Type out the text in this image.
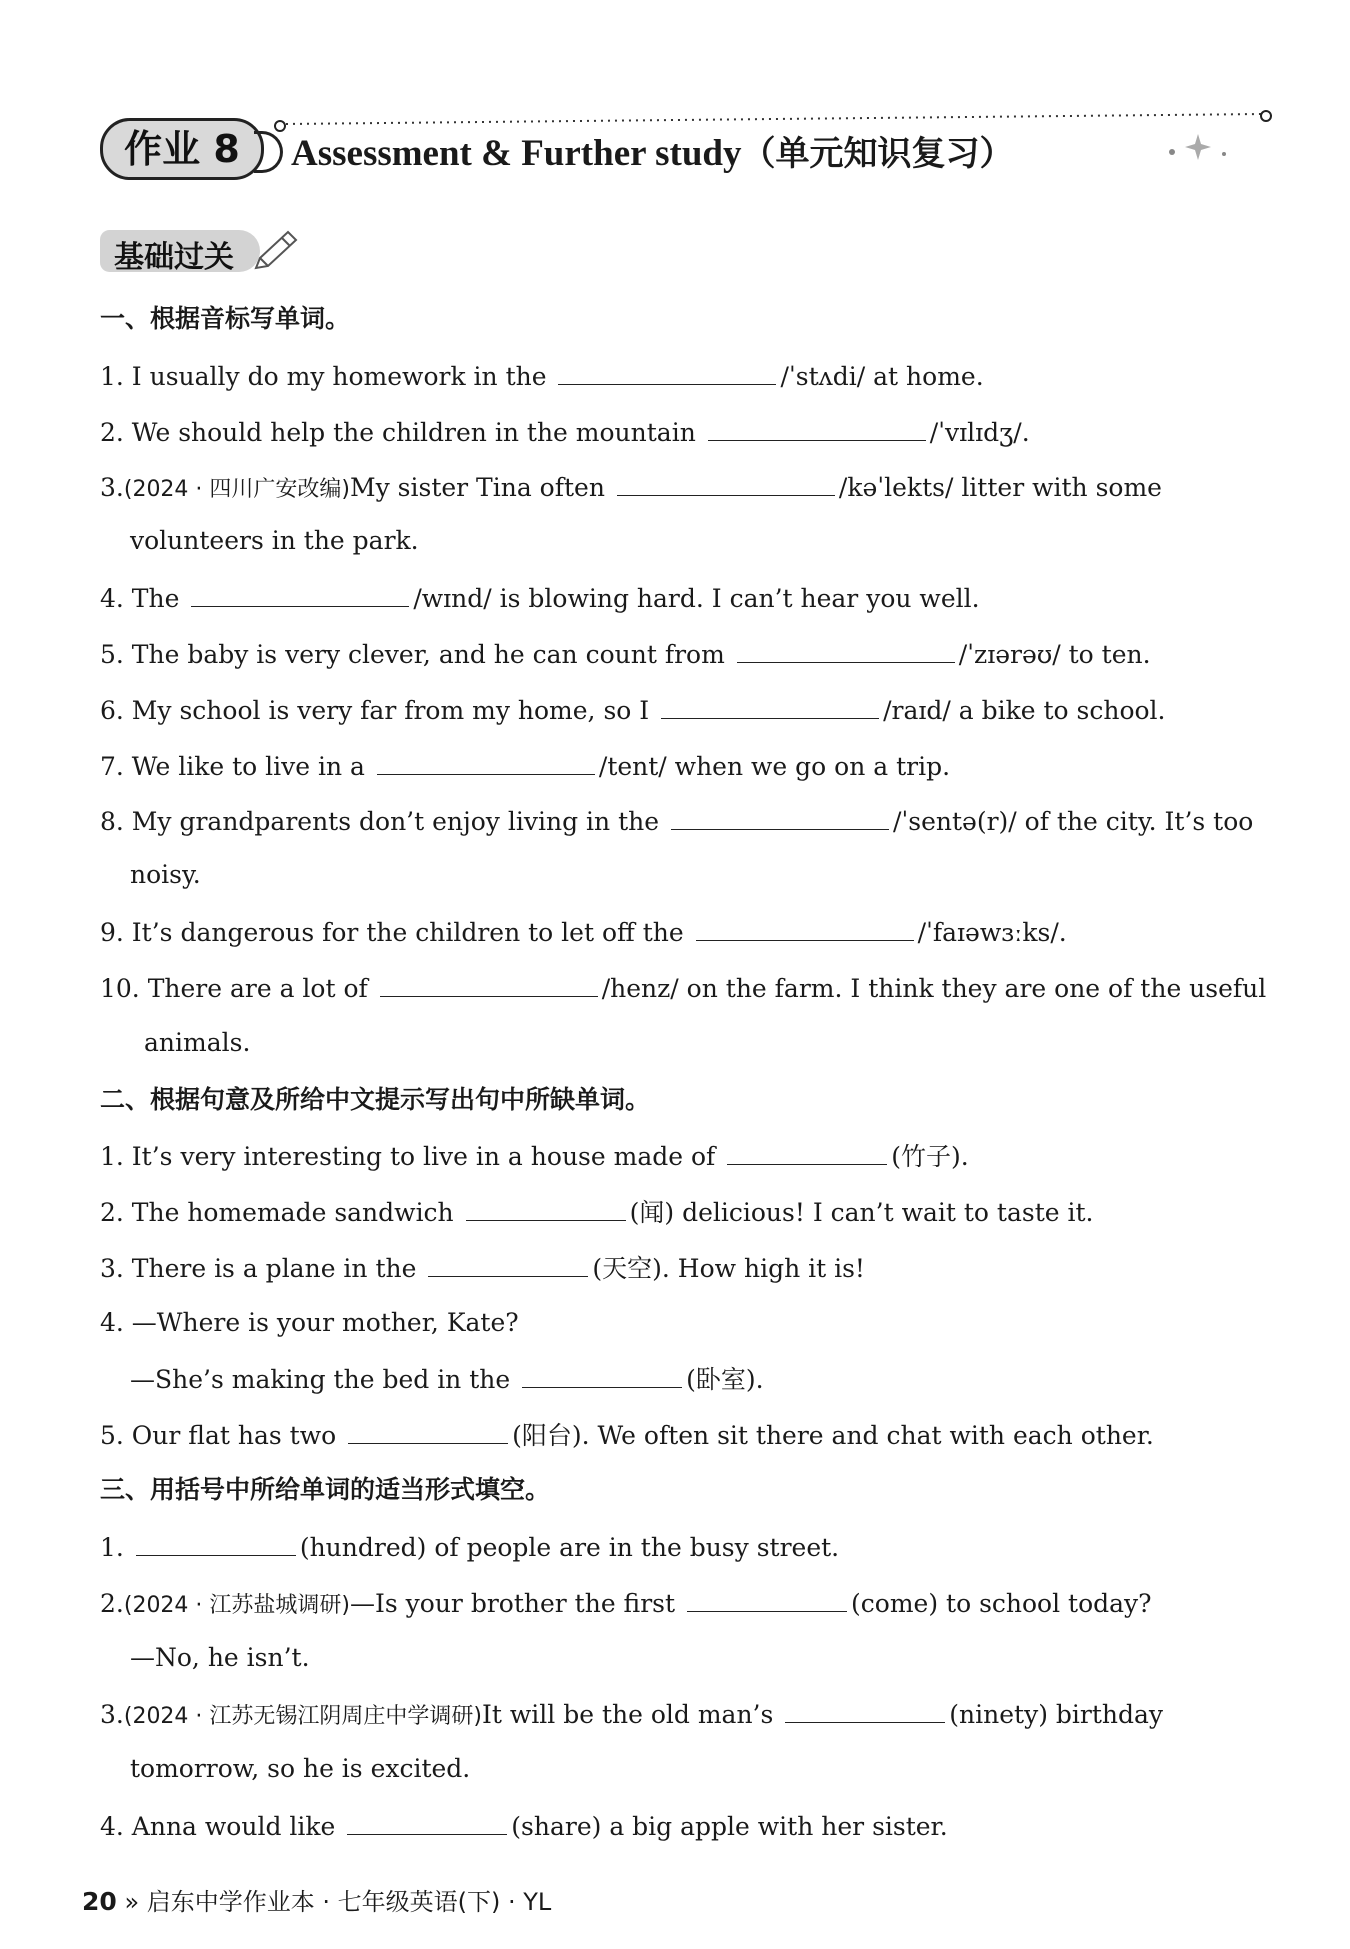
作业 8	Assessment & Further study（单元知识复习）
基础过关
一、根据音标写单词。
1. I usually do my homework in the	/ˈstʌdi/ at home.
2. We should help the children in the mountain	/ˈvɪlɪdʒ/.
3.(2024 · 四川广安改编)My sister Tina often	/kəˈlekts/ litter with some
volunteers in the park.
4. The	/wɪnd/ is blowing hard. I can’t hear you well.
5. The baby is very clever, and he can count from	/ˈzɪərəʊ/ to ten.
6. My school is very far from my home, so I	/raɪd/ a bike to school.
7. We like to live in a	/tent/ when we go on a trip.
8. My grandparents don’t enjoy living in the	/ˈsentə(r)/ of the city. It’s too
noisy.
9. It’s dangerous for the children to let off the	/ˈfaɪəwɜːks/.
10. There are a lot of	/henz/ on the farm. I think they are one of the useful
animals.
二、根据句意及所给中文提示写出句中所缺单词。
1. It’s very interesting to live in a house made of	(竹子).
2. The homemade sandwich	(闻) delicious! I can’t wait to taste it.
3. There is a plane in the	(天空). How high it is!
4. —Where is your mother, Kate?
—She’s making the bed in the	(卧室).
5. Our flat has two	(阳台). We often sit there and chat with each other.
三、用括号中所给单词的适当形式填空。
1.	(hundred) of people are in the busy street.
2.(2024 · 江苏盐城调研)—Is your brother the first	(come) to school today?
—No, he isn’t.
3.(2024 · 江苏无锡江阴周庄中学调研)It will be the old man’s	(ninety) birthday
tomorrow, so he is excited.
4. Anna would like	(share) a big apple with her sister.
20 » 启东中学作业本 · 七年级英语(下) · YL
